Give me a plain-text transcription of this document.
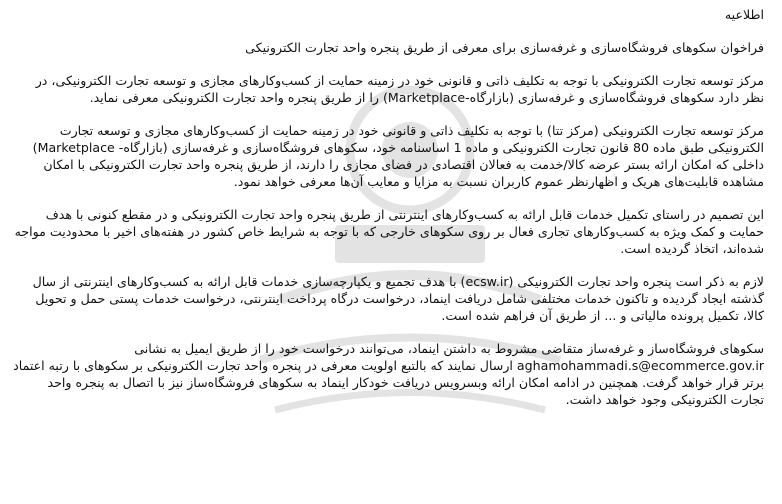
اطلاعیه
فراخوان سکوهای فروشگاه‌سازی و غرفه‌سازی برای معرفی از طریق پنجره واحد تجارت الکترونیکی
مرکز توسعه تجارت الکترونیکی با توجه به تکلیف ذاتی و قانونی خود در زمینه حمایت از کسب‌وکارهای مجازی و توسعه تجارت الکترونیکی، در نظر دارد سکوهای فروشگاه‌سازی و غرفه‌سازی (بازارگاه-Marketplace) را از طریق پنجره واحد تجارت الکترونیکی معرفی نماید.
مرکز توسعه تجارت الکترونیکی (مرکز تتا) با توجه به تکلیف ذاتی و قانونی خود در زمینه حمایت از کسب‌وکارهای مجازی و توسعه تجارت الکترونیکی طبق ماده 80 قانون تجارت الکترونیکی و ماده 1 اساسنامه خود، سکوهای فروشگاه‌سازی و غرفه‌سازی (بازارگاه- Marketplace) داخلی که امکان ارائه بستر عرضه کالا/خدمت به فعالان اقتصادی در فضای مجازی را دارند، از طریق پنجره واحد تجارت الکترونیکی با امکان مشاهده قابلیت‌های هریک و اظهارنظر عموم کاربران نسبت به مزایا و معایب آن‌ها معرفی خواهد نمود.
این تصمیم در راستای تکمیل خدمات قابل ارائه به کسب‌وکارهای اینترنتی از طریق پنجره واحد تجارت الکترونیکی و در مقطع کنونی با هدف حمایت و کمک ویژه به کسب‌وکارهای تجاری فعال بر روی سکوهای خارجی که با توجه به شرایط خاص کشور در هفته‌های اخیر با محدودیت مواجه شده‌اند، اتخاذ گردیده است.
لازم به ذکر است پنجره واحد تجارت الکترونیکی (ecsw.ir) با هدف تجمیع و یکپارچه‌سازی خدمات قابل ارائه به کسب‌وکارهای اینترنتی از سال گذشته ایجاد گردیده و تاکنون خدمات مختلفی شامل دریافت اینماد، درخواست درگاه پرداخت اینترنتی، درخواست خدمات پستی حمل و تحویل کالا، تکمیل پرونده مالیاتی و ... از طریق آن فراهم شده است.
سکوهای فروشگاه‌ساز و غرفه‌ساز متقاضی مشروط به داشتن اینماد، می‌توانند درخواست خود را از طریق ایمیل به نشانی aghamohammadi.s@ecommerce.gov.ir ارسال نمایند که بالتبع اولویت معرفی در پنجره واحد تجارت الکترونیکی بر سکوهای با رتبه اعتماد برتر قرار خواهد گرفت. همچنین در ادامه امکان ارائه وبسرویس دریافت خودکار اینماد به سکوهای فروشگاه‌ساز نیز با اتصال به پنجره واحد تجارت الکترونیکی وجود خواهد داشت.
